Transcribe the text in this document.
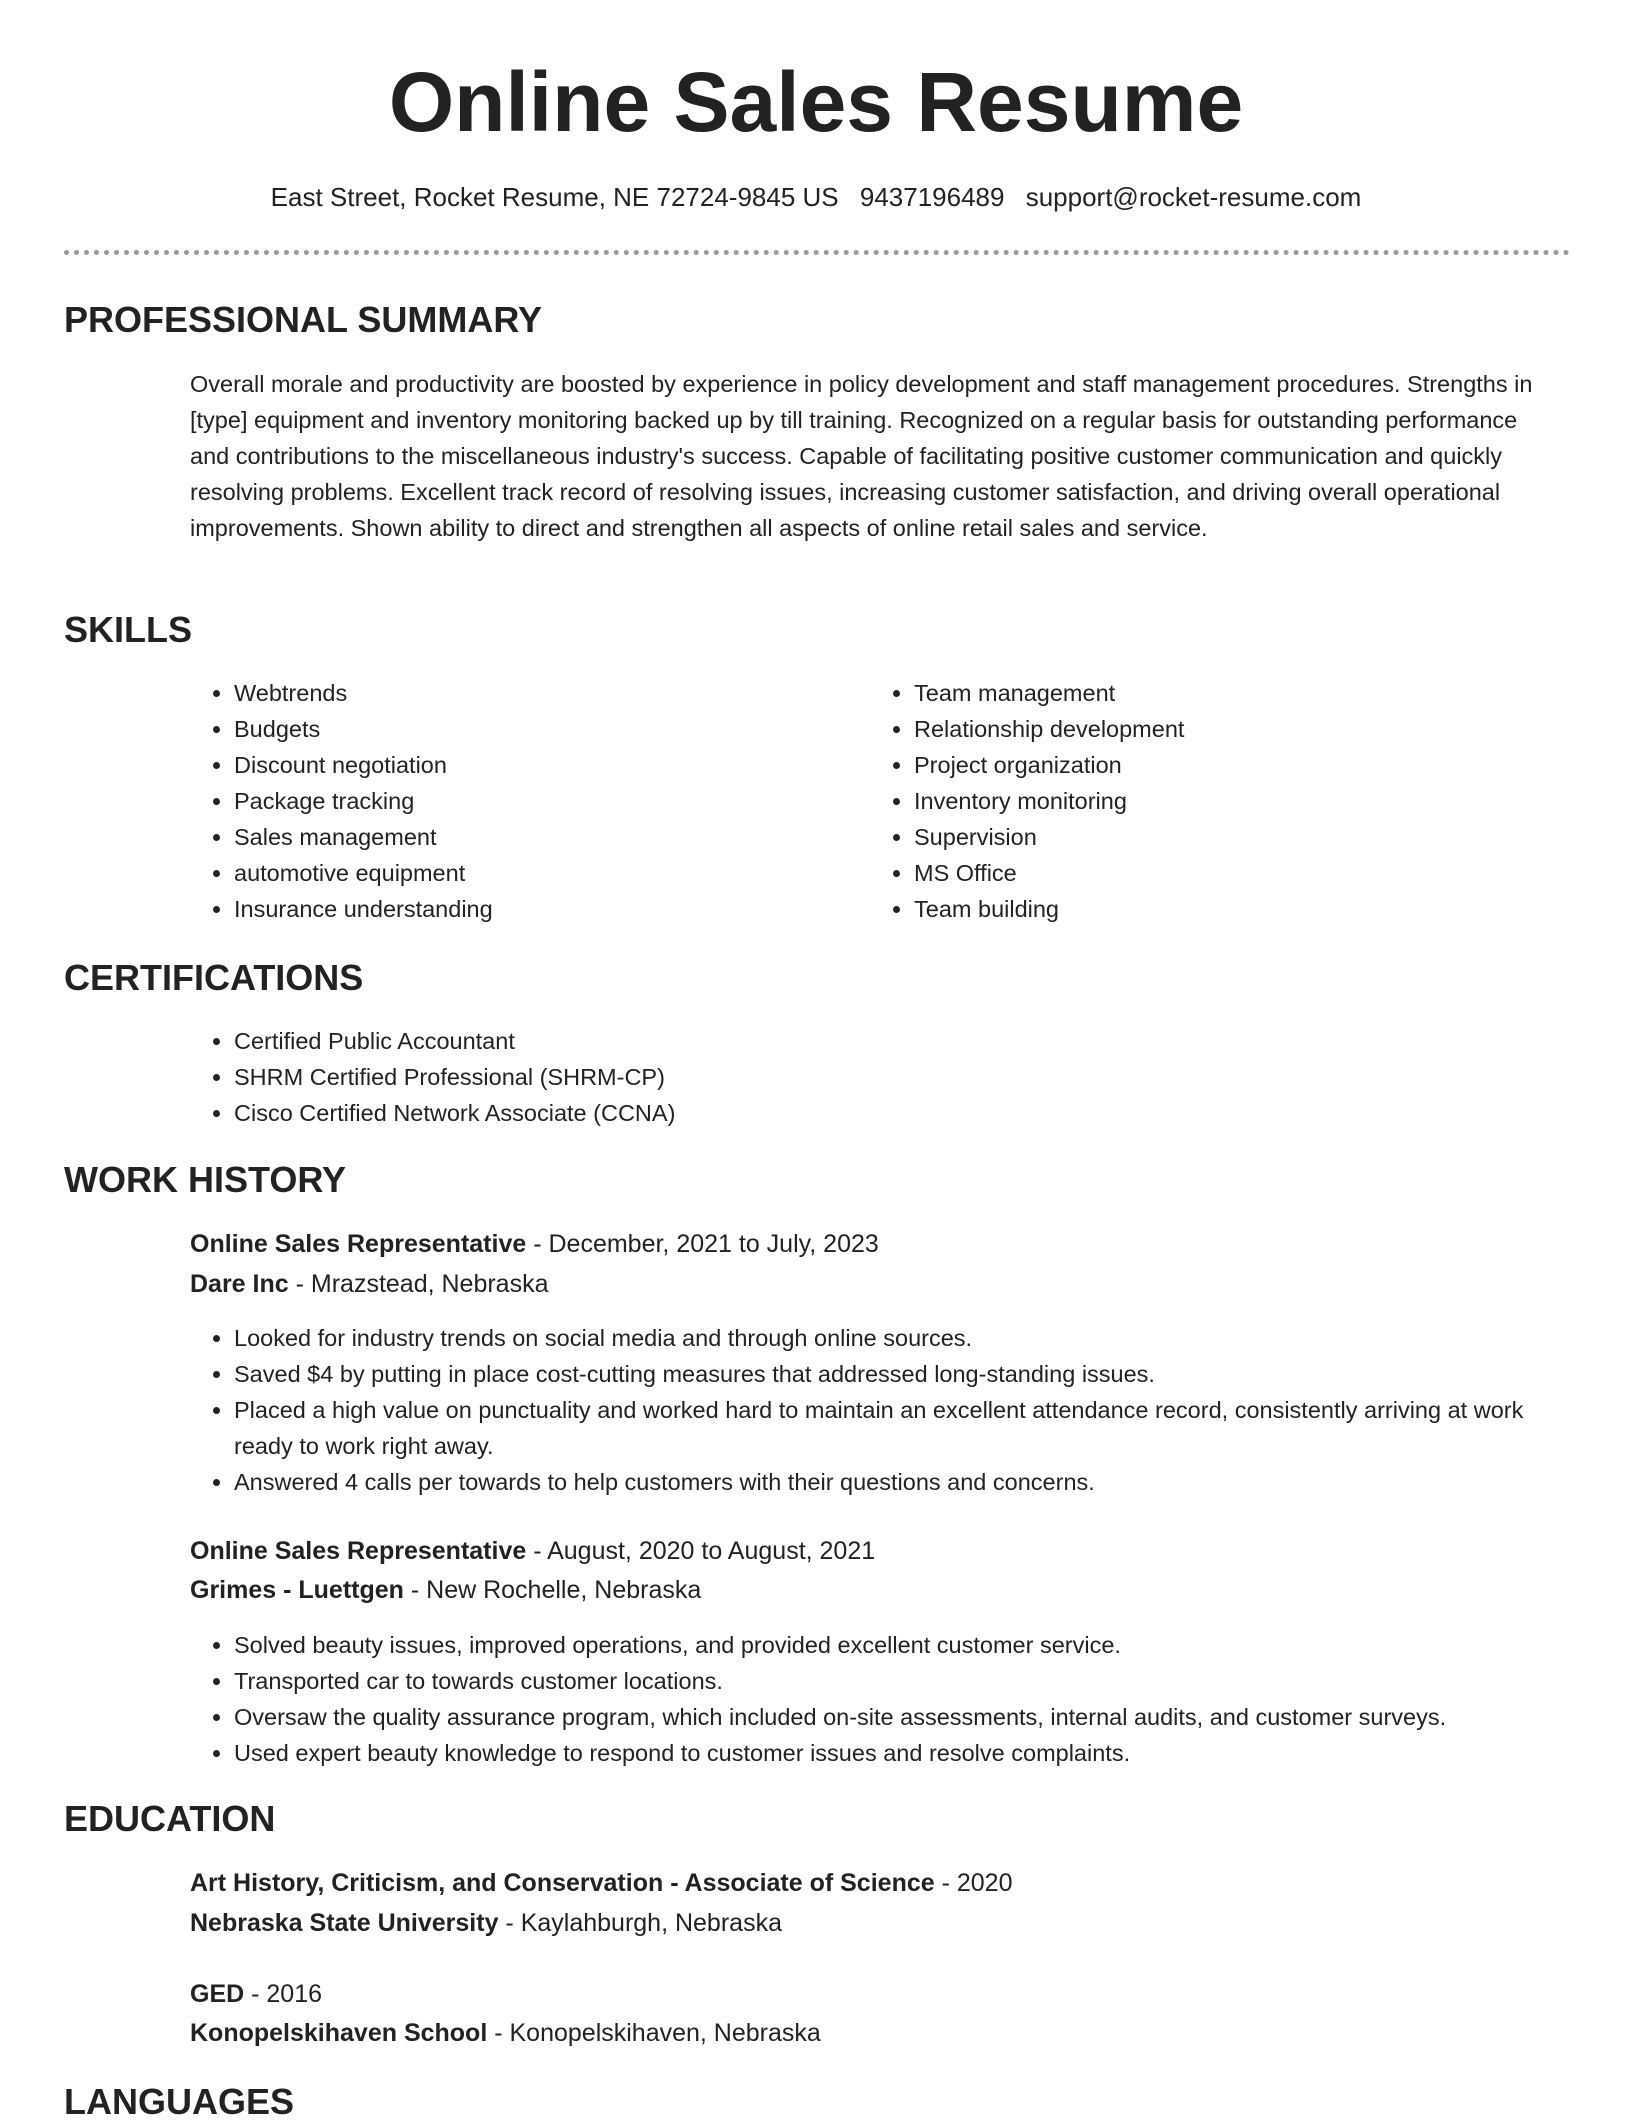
Online Sales Resume
East Street, Rocket Resume, NE 72724-9845 US 9437196489 support@rocket-resume.com
PROFESSIONAL SUMMARY

Overall morale and productivity are boosted by experience in policy development and staff management procedures. Strengths in [type] equipment and inventory monitoring backed up by till training. Recognized on a regular basis for outstanding performance and contributions to the miscellaneous industry's success. Capable of facilitating positive customer communication and quickly resolving problems. Excellent track record of resolving issues, increasing customer satisfaction, and driving overall operational improvements. Shown ability to direct and strengthen all aspects of online retail sales and service.

SKILLS
• Webtrends
• Budgets
• Discount negotiation
• Package tracking
• Sales management
• automotive equipment
• Insurance understanding
• Team management
• Relationship development
• Project organization
• Inventory monitoring
• Supervision
• MS Office
• Team building
CERTIFICATIONS
• Certified Public Accountant
• SHRM Certified Professional (SHRM-CP)
• Cisco Certified Network Associate (CCNA)
WORK HISTORY

Online Sales Representative - December, 2021 to July, 2023

Dare Inc - Mrazstead, Nebraska

• Looked for industry trends on social media and through online sources.
• Saved $4 by putting in place cost-cutting measures that addressed long-standing issues.
• Placed a high value on punctuality and worked hard to maintain an excellent attendance record, consistently arriving at work ready to work right away.
• Answered 4 calls per towards to help customers with their questions and concerns.

Online Sales Representative - August, 2020 to August, 2021

Grimes - Luettgen - New Rochelle, Nebraska

• Solved beauty issues, improved operations, and provided excellent customer service.
• Transported car to towards customer locations.
• Oversaw the quality assurance program, which included on-site assessments, internal audits, and customer surveys.
• Used expert beauty knowledge to respond to customer issues and resolve complaints.
EDUCATION

Art History, Criticism, and Conservation - Associate of Science - 2020

Nebraska State University - Kaylahburgh, Nebraska

GED - 2016

Konopelskihaven School - Konopelskihaven, Nebraska

LANGUAGES
